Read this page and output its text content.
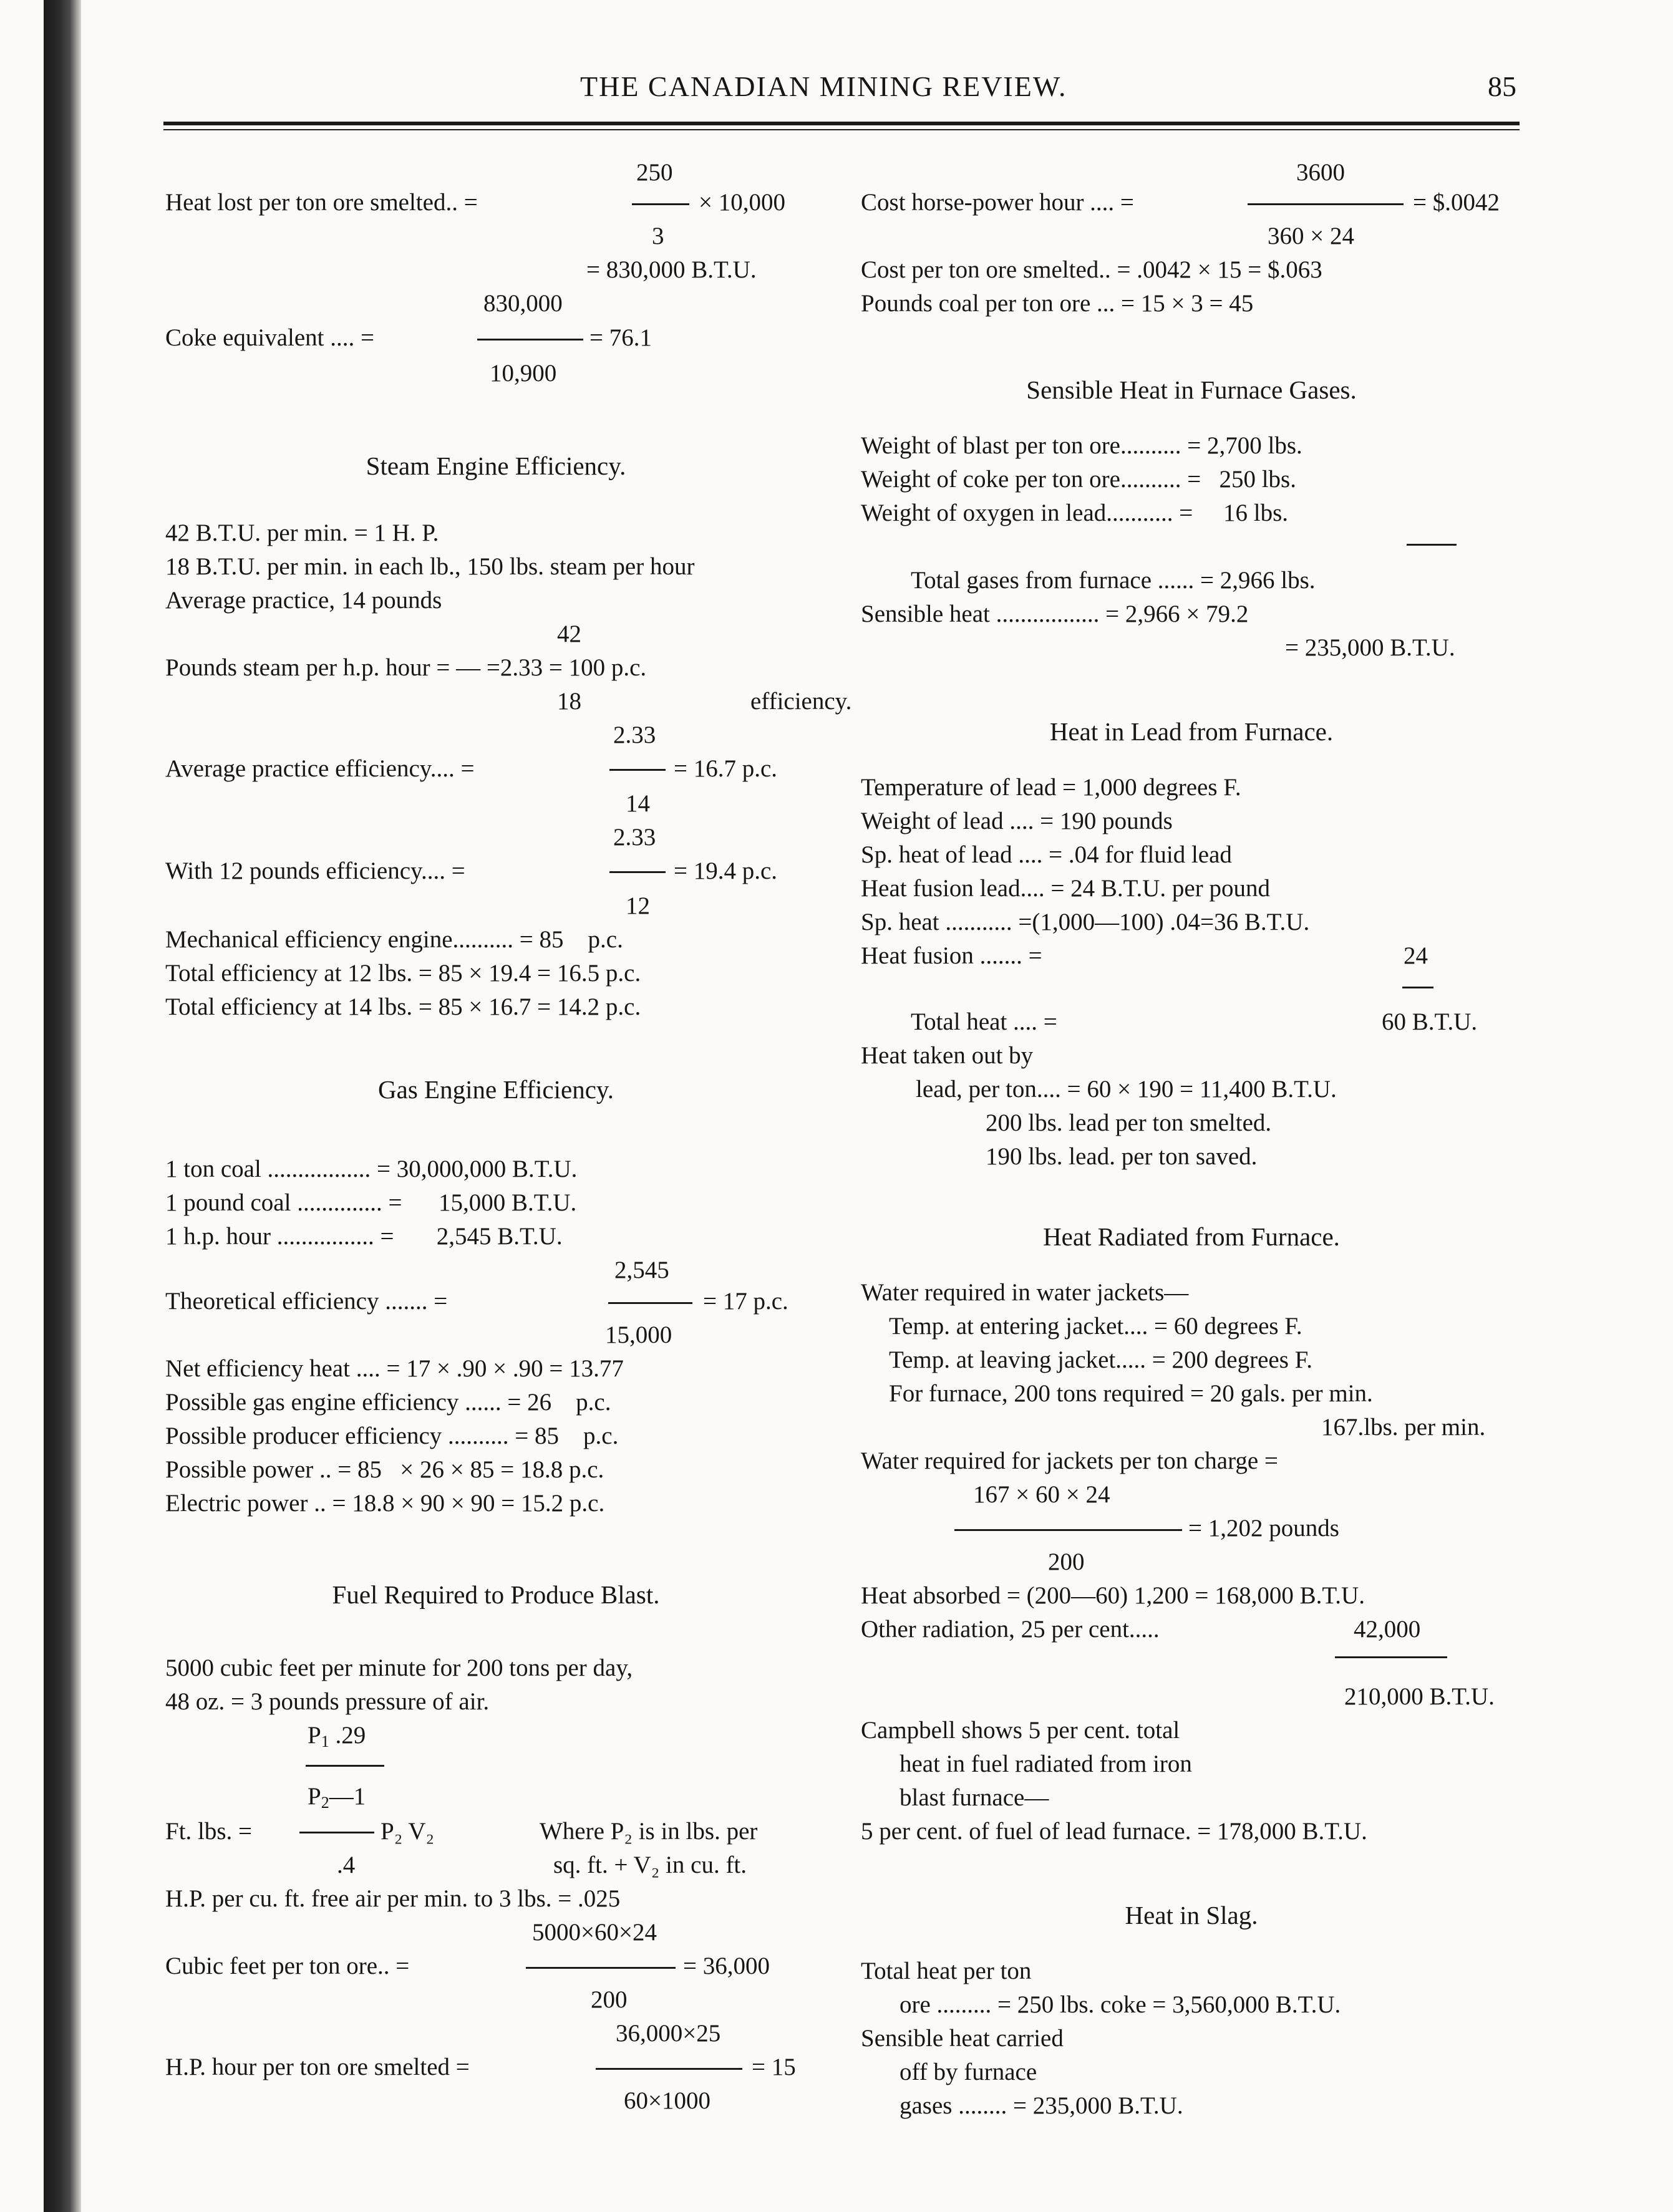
THE CANADIAN MINING REVIEW.	85
250
Heat lost per ton ore smelted.. =	× 10,000
3
= 830,000 B.T.U.
830,000
Coke equivalent .... =	= 76.1
10,900
Steam Engine Efficiency.
42 B.T.U. per min. = 1 H. P.
18 B.T.U. per min. in each lb., 150 lbs. steam per hour
Average practice, 14 pounds
42
Pounds steam per h.p. hour = — =2.33 = 100 p.c.
18	efficiency.
2.33
Average practice efficiency.... =	= 16.7 p.c.
14
2.33
With 12 pounds efficiency.... =	= 19.4 p.c.
12
Mechanical efficiency engine.......... = 85    p.c.
Total efficiency at 12 lbs. = 85 × 19.4 = 16.5 p.c.
Total efficiency at 14 lbs. = 85 × 16.7 = 14.2 p.c.
Gas Engine Efficiency.
1 ton coal ................. = 30,000,000 B.T.U.
1 pound coal .............. =      15,000 B.T.U.
1 h.p. hour ................ =       2,545 B.T.U.
2,545
Theoretical efficiency ....... =	= 17 p.c.
15,000
Net efficiency heat .... = 17 × .90 × .90 = 13.77
Possible gas engine efficiency ...... = 26    p.c.
Possible producer efficiency .......... = 85    p.c.
Possible power .. = 85   × 26 × 85 = 18.8 p.c.
Electric power .. = 18.8 × 90 × 90 = 15.2 p.c.
Fuel Required to Produce Blast.
5000 cubic feet per minute for 200 tons per day,
48 oz. = 3 pounds pressure of air.
$P_1$ .29
$P_2—1$
Ft. lbs. =	P₂ V₂	Where P₂ is in lbs. per
.4	sq. ft. + V₂ in cu. ft.
H.P. per cu. ft. free air per min. to 3 lbs. = .025
5000×60×24
Cubic feet per ton ore.. =	= 36,000
200
36,000×25
H.P. hour per ton ore smelted =	= 15
60×1000
3600
Cost horse-power hour .... =	= $.0042
360 × 24
Cost per ton ore smelted.. = .0042 × 15 = $.063
Pounds coal per ton ore ... = 15 × 3 = 45
Sensible Heat in Furnace Gases.
Weight of blast per ton ore.......... = 2,700 lbs.
Weight of coke per ton ore.......... =   250 lbs.
Weight of oxygen in lead........... =     16 lbs.
Total gases from furnace ...... = 2,966 lbs.
Sensible heat ................. = 2,966 × 79.2
= 235,000 B.T.U.
Heat in Lead from Furnace.
Temperature of lead = 1,000 degrees F.
Weight of lead .... = 190 pounds
Sp. heat of lead .... = .04 for fluid lead
Heat fusion lead.... = 24 B.T.U. per pound
Sp. heat ........... =(1,000—100) .04=36 B.T.U.
Heat fusion ....... =	24
Total heat .... =	60 B.T.U.
Heat taken out by
lead, per ton.... = 60 × 190 = 11,400 B.T.U.
200 lbs. lead per ton smelted.
190 lbs. lead. per ton saved.
Heat Radiated from Furnace.
Water required in water jackets—
Temp. at entering jacket.... = 60 degrees F.
Temp. at leaving jacket..... = 200 degrees F.
For furnace, 200 tons required = 20 gals. per min.
167.lbs. per min.
Water required for jackets per ton charge =
167 × 60 × 24
= 1,202 pounds
200
Heat absorbed = (200—60) 1,200 = 168,000 B.T.U.
Other radiation, 25 per cent.....	42,000
210,000 B.T.U.
Campbell shows 5 per cent. total
heat in fuel radiated from iron
blast furnace—
5 per cent. of fuel of lead furnace. = 178,000 B.T.U.
Heat in Slag.
Total heat per ton
ore ......... = 250 lbs. coke = 3,560,000 B.T.U.
Sensible heat carried
off by furnace
gases ........ = 235,000 B.T.U.
